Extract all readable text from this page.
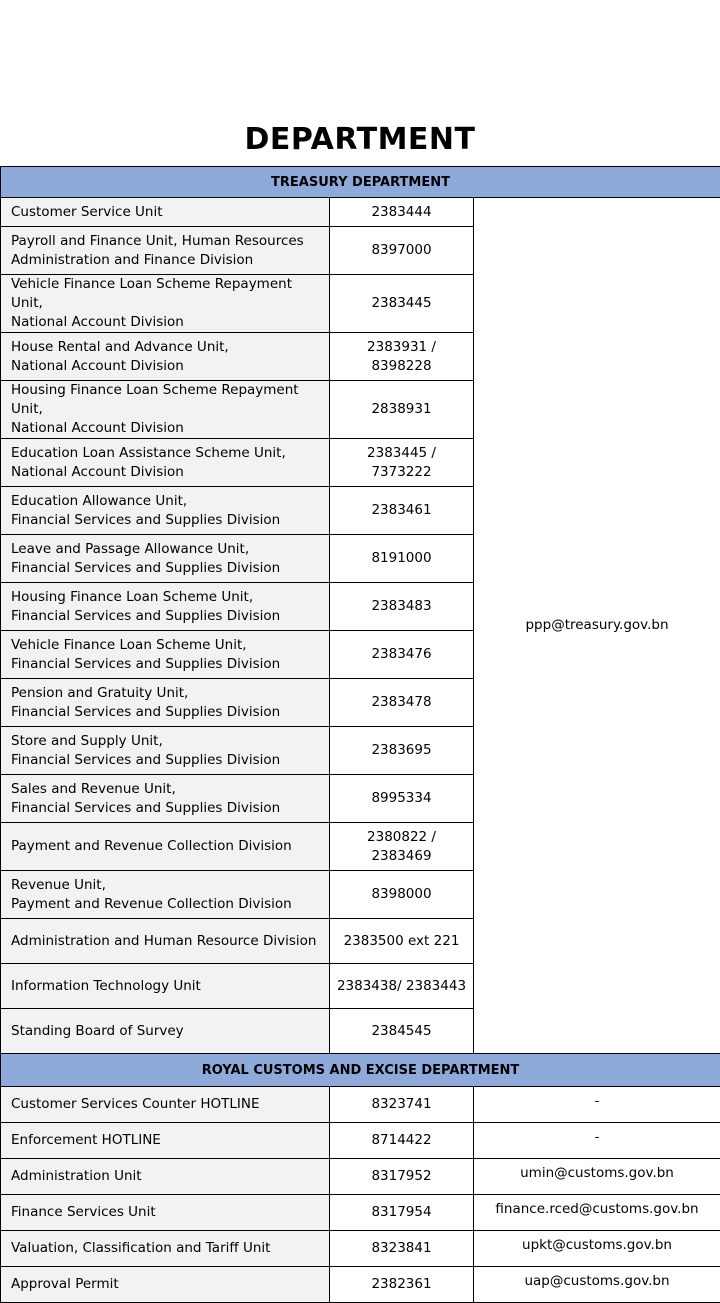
DEPARTMENT
TREASURY DEPARTMENT		

Customer Service Unit	2383444	ppp@treasury.gov.bn

Payroll and Finance Unit, Human Resources
Administration and Finance Division	8397000	

Vehicle Finance Loan Scheme Repayment Unit,
National Account Division	2383445	

House Rental and Advance Unit,
National Account Division	2383931 /
8398228	

Housing Finance Loan Scheme Repayment Unit,
National Account Division	2838931	

Education Loan Assistance Scheme Unit,
National Account Division	2383445 /
7373222	

Education Allowance Unit,
Financial Services and Supplies Division	2383461	

Leave and Passage Allowance Unit,
Financial Services and Supplies Division	8191000	

Housing Finance Loan Scheme Unit,
Financial Services and Supplies Division	2383483	

Vehicle Finance Loan Scheme Unit,
Financial Services and Supplies Division	2383476	

Pension and Gratuity Unit,
Financial Services and Supplies Division	2383478	

Store and Supply Unit,
Financial Services and Supplies Division	2383695	

Sales and Revenue Unit,
Financial Services and Supplies Division	8995334	

Payment and Revenue Collection Division	2380822 /
2383469	

Revenue Unit,
Payment and Revenue Collection Division	8398000	

Administration and Human Resource Division	2383500 ext 221	

Information Technology Unit	2383438/ 2383443	

Standing Board of Survey	2384545	

ROYAL CUSTOMS AND EXCISE DEPARTMENT		
Customer Services Counter HOTLINE	8323741	-
Enforcement HOTLINE	8714422	-
Administration Unit	8317952	umin@customs.gov.bn
Finance Services Unit	8317954	finance.rced@customs.gov.bn
Valuation, Classification and Tariff Unit	8323841	upkt@customs.gov.bn
Approval Permit	2382361	uap@customs.gov.bn
